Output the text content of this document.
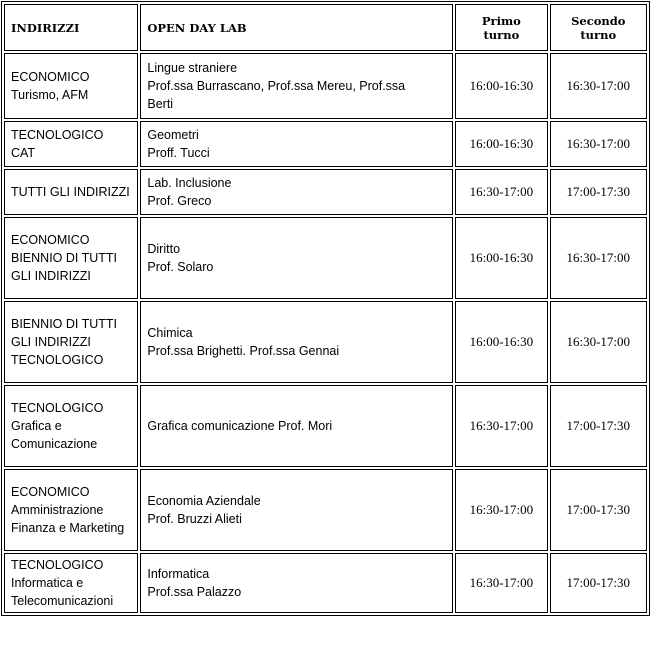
INDIRIZZI	OPEN DAY LAB	Primo
turno	Secondo
turno

ECONOMICO
Turismo, AFM	Lingue straniere
Prof.ssa Burrascano, Prof.ssa Mereu, Prof.ssa
Berti	16:00-16:30	16:30-17:00

TECNOLOGICO
CAT	Geometri
Proff. Tucci	16:00-16:30	16:30-17:00

TUTTI GLI INDIRIZZI	Lab. Inclusione
Prof. Greco	16:30-17:00	17:00-17:30

ECONOMICO
BIENNIO DI TUTTI
GLI INDIRIZZI	Diritto
Prof. Solaro	16:00-16:30	16:30-17:00

BIENNIO DI TUTTI
GLI INDIRIZZI
TECNOLOGICO	Chimica
Prof.ssa Brighetti. Prof.ssa Gennai	16:00-16:30	16:30-17:00

TECNOLOGICO
Grafica e
Comunicazione	Grafica comunicazione Prof. Mori	16:30-17:00	17:00-17:30

ECONOMICO
Amministrazione
Finanza e Marketing	Economia Aziendale
Prof. Bruzzi Alieti	16:30-17:00	17:00-17:30

TECNOLOGICO
Informatica e
Telecomunicazioni	Informatica
Prof.ssa Palazzo	16:30-17:00	17:00-17:30
